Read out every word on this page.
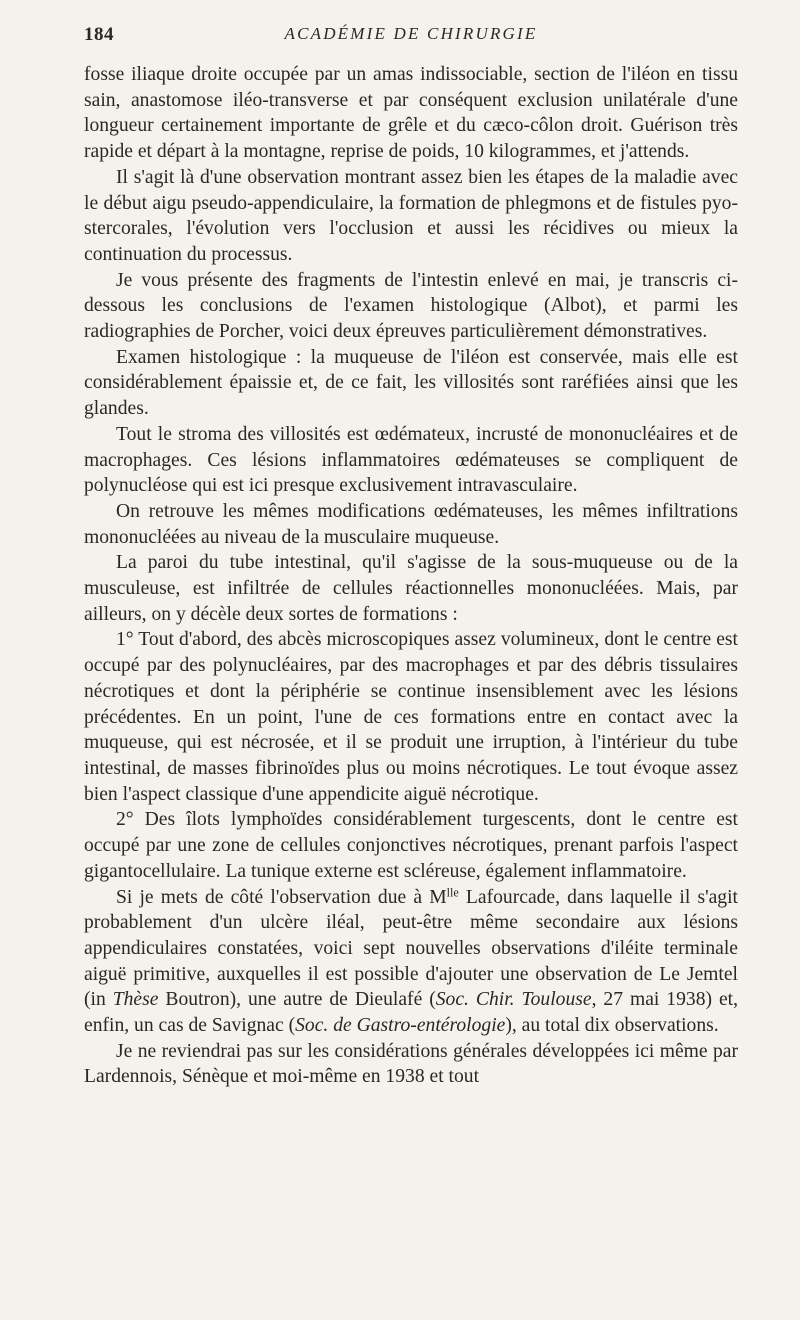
184	ACADÉMIE DE CHIRURGIE

fosse iliaque droite occupée par un amas indissociable, section de l'iléon en tissu sain, anastomose iléo-transverse et par conséquent exclusion unilatérale d'une longueur certainement importante de grêle et du cæco-côlon droit. Guérison très rapide et départ à la montagne, reprise de poids, 10 kilogrammes, et j'attends.

Il s'agit là d'une observation montrant assez bien les étapes de la maladie avec le début aigu pseudo-appendiculaire, la formation de phlegmons et de fistules pyo-stercorales, l'évolution vers l'occlusion et aussi les récidives ou mieux la continuation du processus.

Je vous présente des fragments de l'intestin enlevé en mai, je transcris ci-dessous les conclusions de l'examen histologique (Albot), et parmi les radiographies de Porcher, voici deux épreuves particulièrement démonstratives.

Examen histologique : la muqueuse de l'iléon est conservée, mais elle est considérablement épaissie et, de ce fait, les villosités sont raréfiées ainsi que les glandes.

Tout le stroma des villosités est œdémateux, incrusté de mononucléaires et de macrophages. Ces lésions inflammatoires œdémateuses se compliquent de polynucléose qui est ici presque exclusivement intravasculaire.

On retrouve les mêmes modifications œdémateuses, les mêmes infiltrations mononucléées au niveau de la musculaire muqueuse.

La paroi du tube intestinal, qu'il s'agisse de la sous-muqueuse ou de la musculeuse, est infiltrée de cellules réactionnelles mononucléées. Mais, par ailleurs, on y décèle deux sortes de formations :

1° Tout d'abord, des abcès microscopiques assez volumineux, dont le centre est occupé par des polynucléaires, par des macrophages et par des débris tissulaires nécrotiques et dont la périphérie se continue insensiblement avec les lésions précédentes. En un point, l'une de ces formations entre en contact avec la muqueuse, qui est nécrosée, et il se produit une irruption, à l'intérieur du tube intestinal, de masses fibrinoïdes plus ou moins nécrotiques. Le tout évoque assez bien l'aspect classique d'une appendicite aiguë nécrotique.

2° Des îlots lymphoïdes considérablement turgescents, dont le centre est occupé par une zone de cellules conjonctives nécrotiques, prenant parfois l'aspect gigantocellulaire. La tunique externe est scléreuse, également inflammatoire.

Si je mets de côté l'observation due à $M^{lle}$ Lafourcade, dans laquelle il s'agit probablement d'un ulcère iléal, peut-être même secondaire aux lésions appendiculaires constatées, voici sept nouvelles observations d'iléite terminale aiguë primitive, auxquelles il est possible d'ajouter une observation de Le Jemtel (in Thèse Boutron), une autre de Dieulafé (Soc. Chir. Toulouse, 27 mai 1938) et, enfin, un cas de Savignac (Soc. de Gastro-entérologie), au total dix observations.

Je ne reviendrai pas sur les considérations générales développées ici même par Lardennois, Sénèque et moi-même en 1938 et tout
